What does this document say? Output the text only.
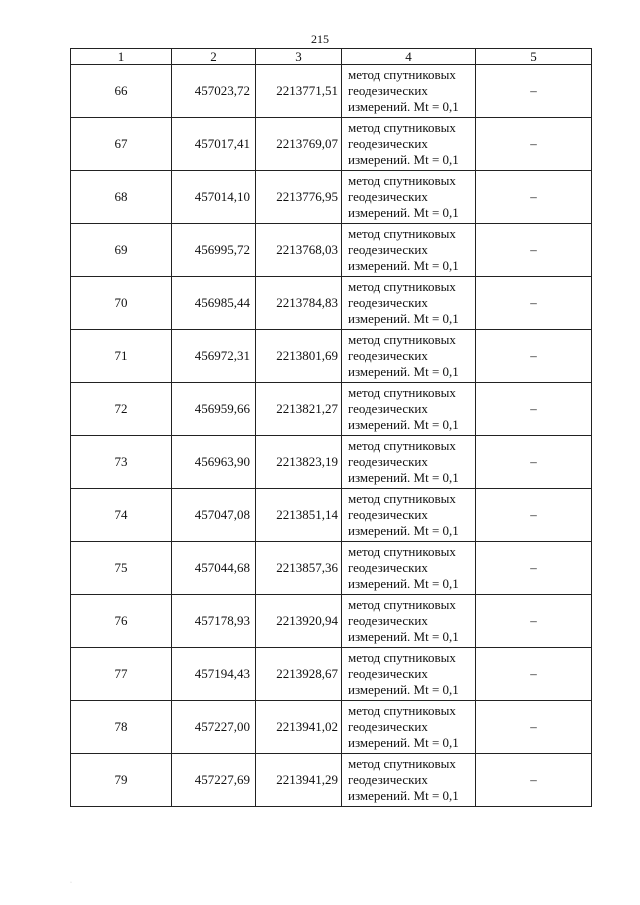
215
1	2	3	4	5
66	457023,72	2213771,51	метод спутниковых
геодезических
измерений. Mt = 0,1	–
67	457017,41	2213769,07	метод спутниковых
геодезических
измерений. Mt = 0,1	–
68	457014,10	2213776,95	метод спутниковых
геодезических
измерений. Mt = 0,1	–
69	456995,72	2213768,03	метод спутниковых
геодезических
измерений. Mt = 0,1	–
70	456985,44	2213784,83	метод спутниковых
геодезических
измерений. Mt = 0,1	–
71	456972,31	2213801,69	метод спутниковых
геодезических
измерений. Mt = 0,1	–
72	456959,66	2213821,27	метод спутниковых
геодезических
измерений. Mt = 0,1	–
73	456963,90	2213823,19	метод спутниковых
геодезических
измерений. Mt = 0,1	–
74	457047,08	2213851,14	метод спутниковых
геодезических
измерений. Mt = 0,1	–
75	457044,68	2213857,36	метод спутниковых
геодезических
измерений. Mt = 0,1	–
76	457178,93	2213920,94	метод спутниковых
геодезических
измерений. Mt = 0,1	–
77	457194,43	2213928,67	метод спутниковых
геодезических
измерений. Mt = 0,1	–
78	457227,00	2213941,02	метод спутниковых
геодезических
измерений. Mt = 0,1	–
79	457227,69	2213941,29	метод спутниковых
геодезических
измерений. Mt = 0,1	–
·
